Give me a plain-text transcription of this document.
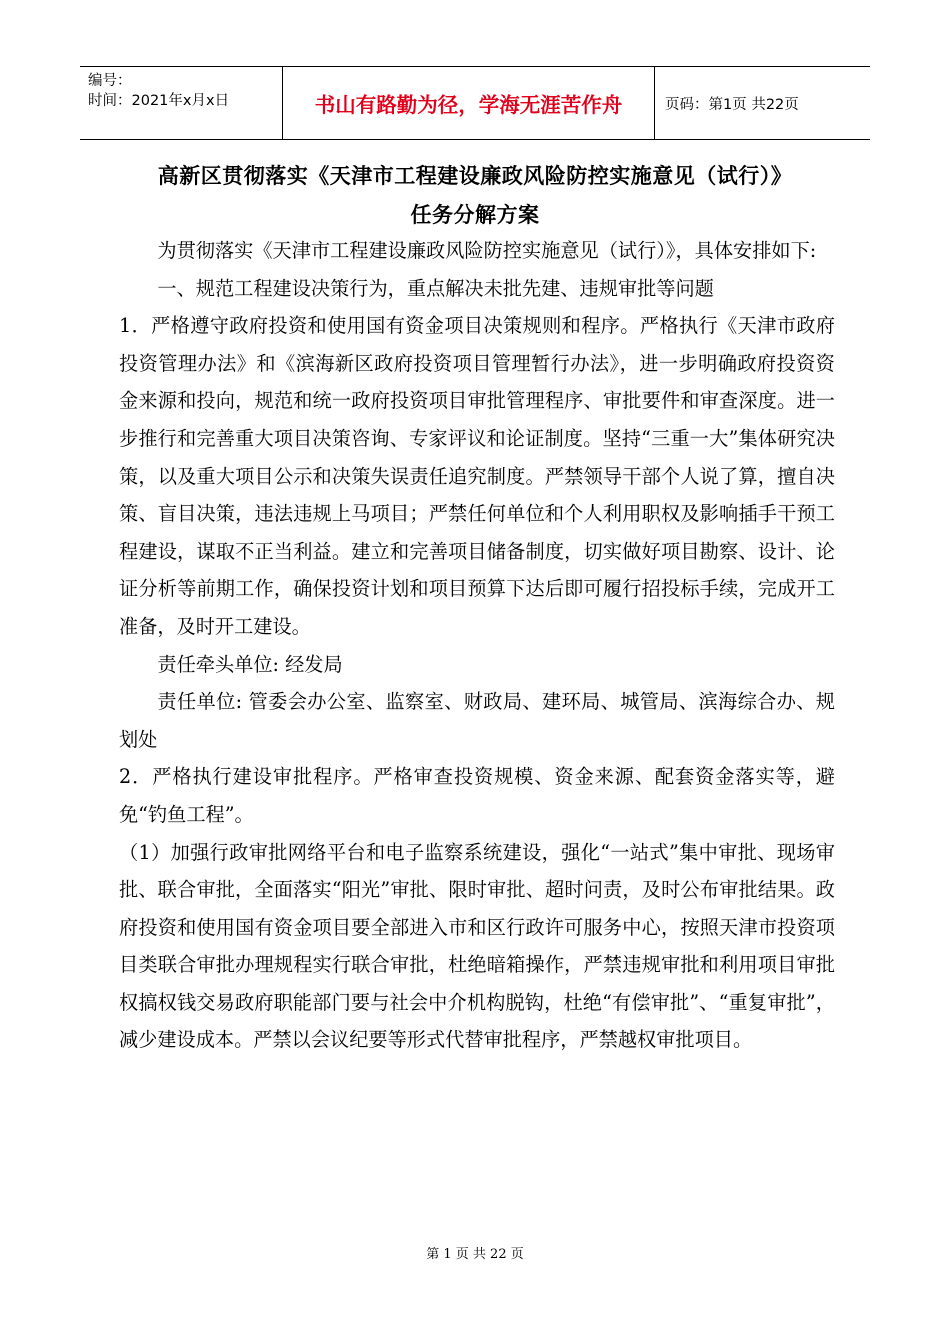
编号：
时间：2021年x月x日	书山有路勤为径，学海无涯苦作舟	页码：第1页 共22页
高新区贯彻落实《天津市工程建设廉政风险防控实施意见（试行）》
任务分解方案

为贯彻落实《天津市工程建设廉政风险防控实施意见（试行）》，具体安排如下:

一、规范工程建设决策行为，重点解决未批先建、违规审批等问题

1．严格遵守政府投资和使用国有资金项目决策规则和程序。严格执行《天津市政府投资管理办法》和《滨海新区政府投资项目管理暂行办法》，进一步明确政府投资资金来源和投向，规范和统一政府投资项目审批管理程序、审批要件和审查深度。进一步推行和完善重大项目决策咨询、专家评议和论证制度。坚持“三重一大”集体研究决策，以及重大项目公示和决策失误责任追究制度。严禁领导干部个人说了算，擅自决策、盲目决策，违法违规上马项目；严禁任何单位和个人利用职权及影响插手干预工程建设，谋取不正当利益。建立和完善项目储备制度，切实做好项目勘察、设计、论证分析等前期工作，确保投资计划和项目预算下达后即可履行招投标手续，完成开工准备，及时开工建设。

责任牵头单位: 经发局

责任单位: 管委会办公室、监察室、财政局、建环局、城管局、滨海综合办、规划处

2．严格执行建设审批程序。严格审查投资规模、资金来源、配套资金落实等，避免“钓鱼工程”。

（1）加强行政审批网络平台和电子监察系统建设，强化“一站式”集中审批、现场审批、联合审批，全面落实“阳光”审批、限时审批、超时问责，及时公布审批结果。政府投资和使用国有资金项目要全部进入市和区行政许可服务中心，按照天津市投资项目类联合审批办理规程实行联合审批，杜绝暗箱操作，严禁违规审批和利用项目审批权搞权钱交易政府职能部门要与社会中介机构脱钩，杜绝“有偿审批”、“重复审批”，减少建设成本。严禁以会议纪要等形式代替审批程序，严禁越权审批项目。

第 1 页 共 22 页
